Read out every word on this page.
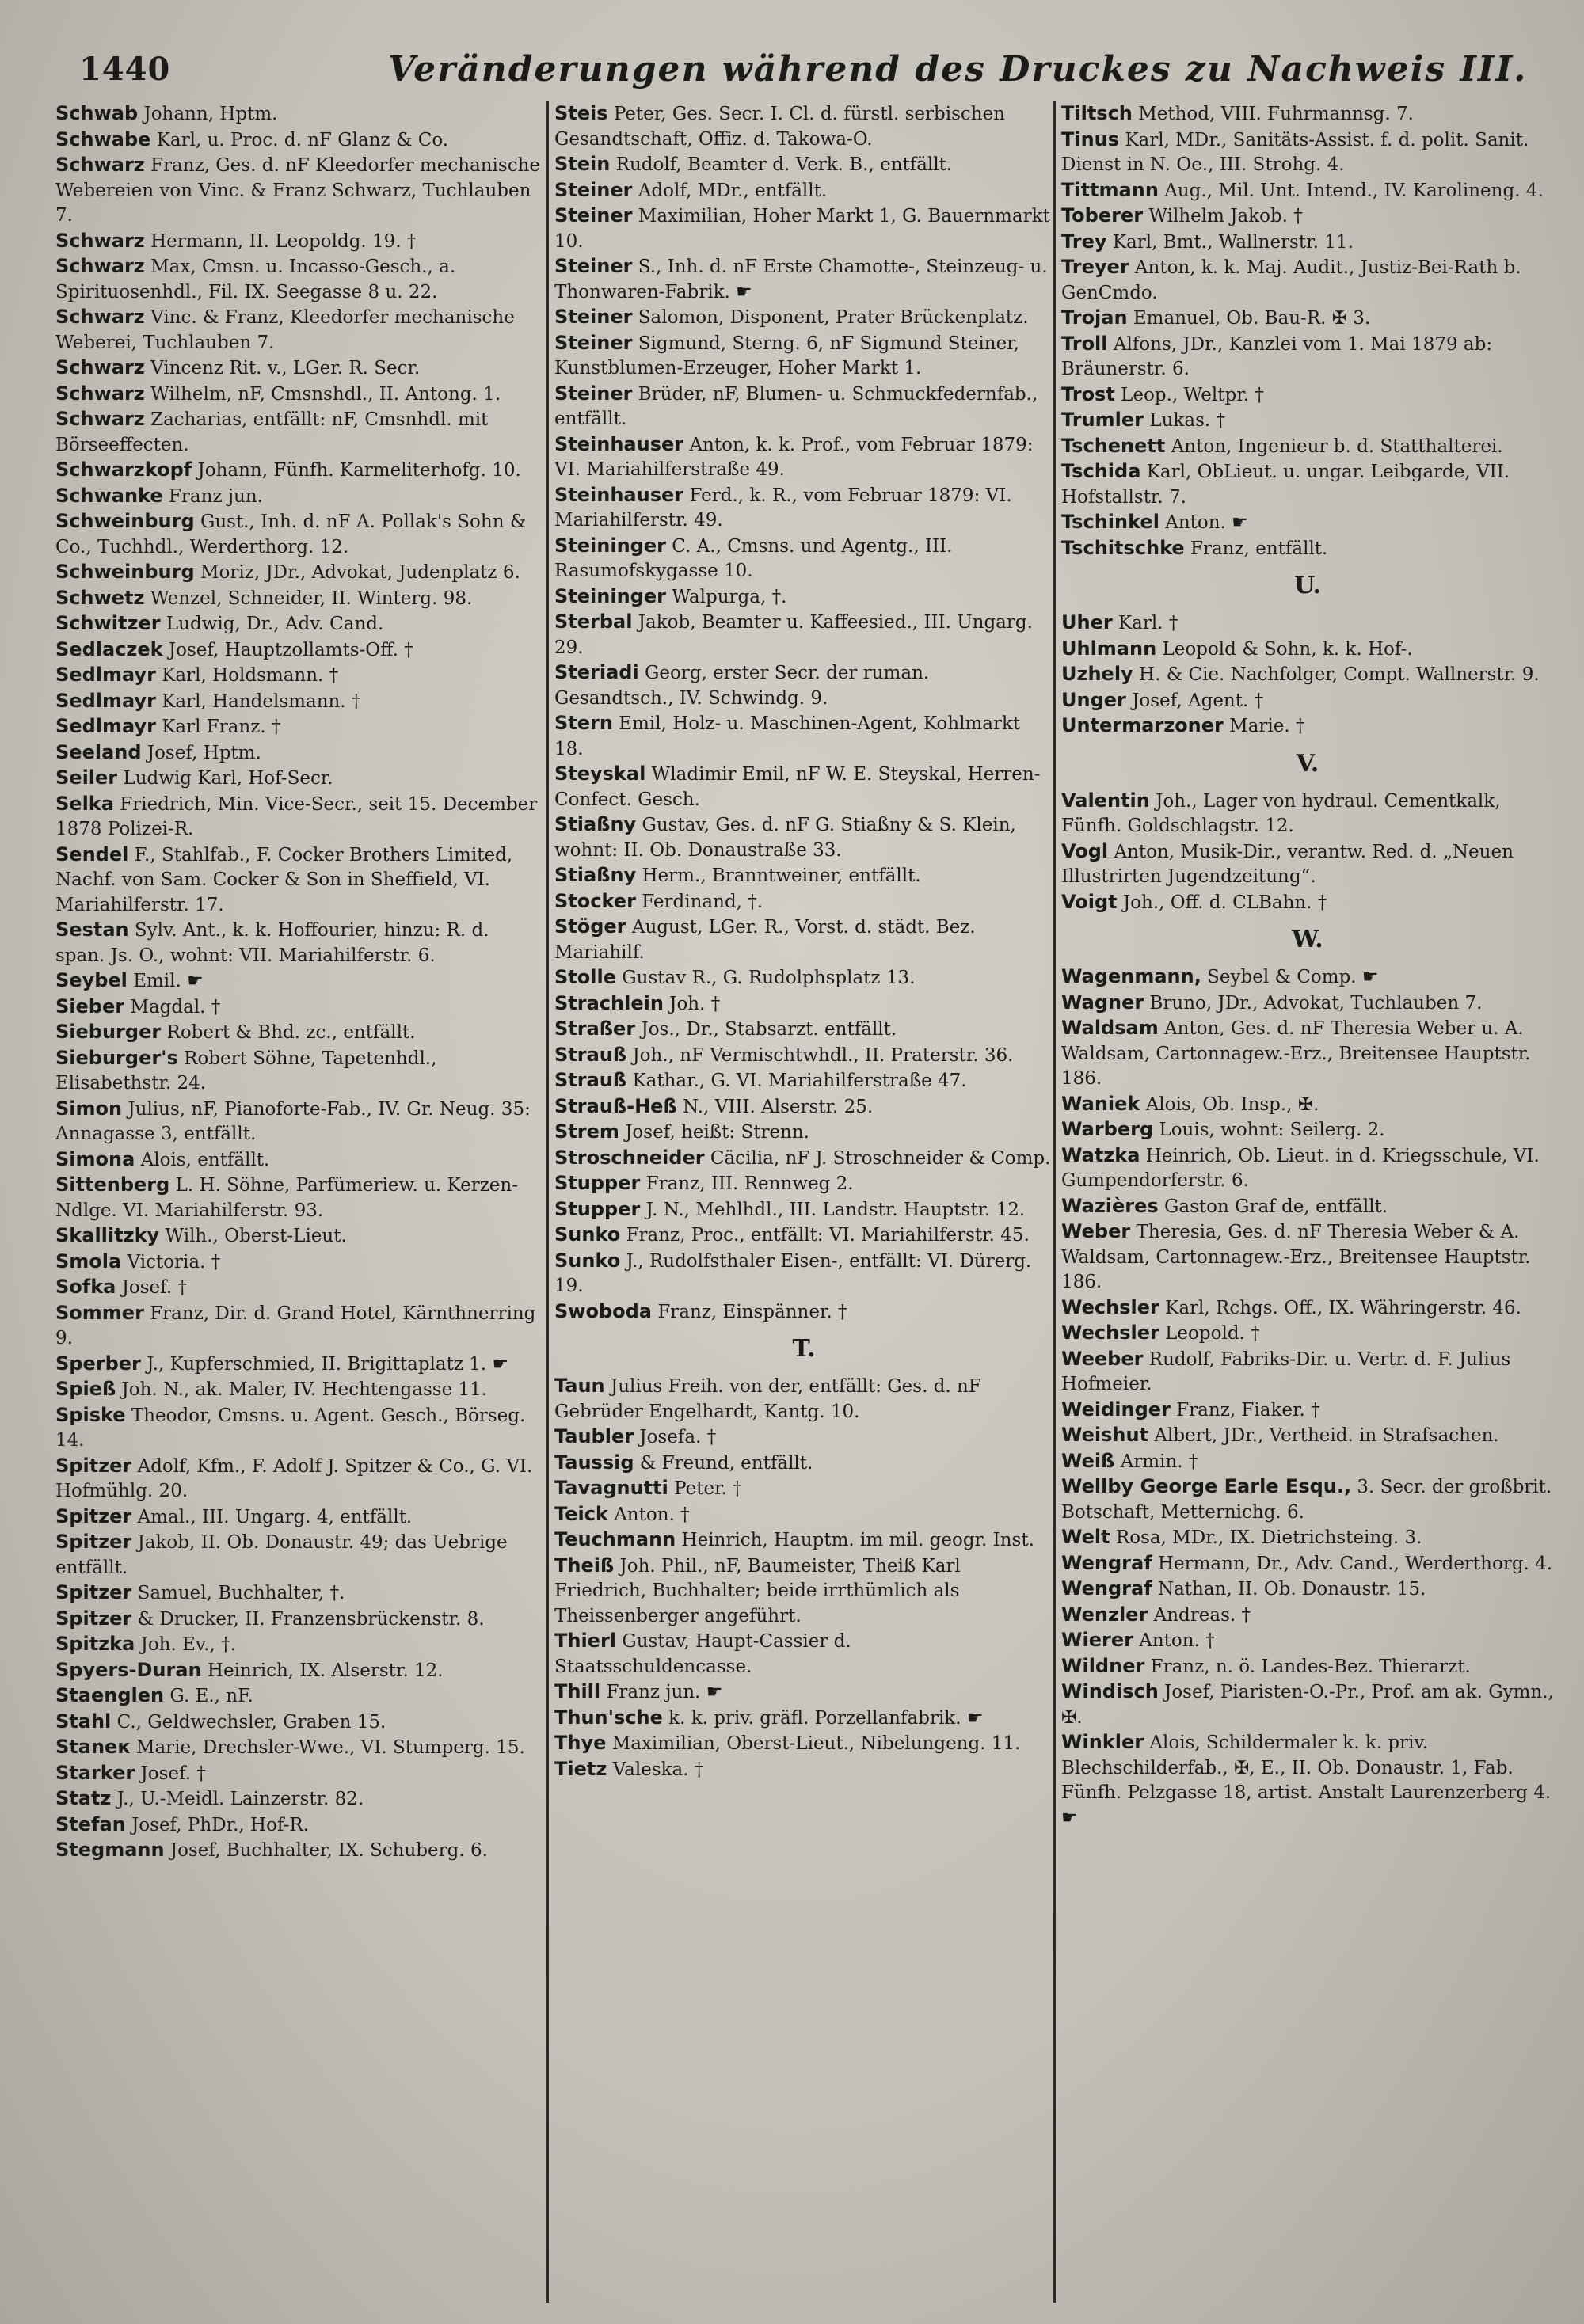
1440	Veränderungen während des Druckes zu Nachweis III.

Schwab Johann, Hptm.

Schwabe Karl, u. Proc. d. nF Glanz & Co.

Schwarz Franz, Ges. d. nF Kleedorfer mechanische Webereien von Vinc. & Franz Schwarz, Tuchlauben 7.

Schwarz Hermann, II. Leopoldg. 19. †

Schwarz Max, Cmsn. u. Incasso-Gesch., a. Spirituosenhdl., Fil. IX. Seegasse 8 u. 22.

Schwarz Vinc. & Franz, Kleedorfer mechanische Weberei, Tuchlauben 7.

Schwarz Vincenz Rit. v., LGer. R. Secr.

Schwarz Wilhelm, nF, Cmsnshdl., II. Antong. 1.

Schwarz Zacharias, entfällt: nF, Cmsnhdl. mit Börseeffecten.

Schwarzkopf Johann, Fünfh. Karmeliterhofg. 10.

Schwanke Franz jun.

Schweinburg Gust., Inh. d. nF A. Pollak's Sohn & Co., Tuchhdl., Werderthorg. 12.

Schweinburg Moriz, JDr., Advokat, Judenplatz 6.

Schwetz Wenzel, Schneider, II. Winterg. 98.

Schwitzer Ludwig, Dr., Adv. Cand.

Sedlaczek Josef, Hauptzollamts-Off. †

Sedlmayr Karl, Holdsmann. †

Sedlmayr Karl, Handelsmann. †

Sedlmayr Karl Franz. †

Seeland Josef, Hptm.

Seiler Ludwig Karl, Hof-Secr.

Selka Friedrich, Min. Vice-Secr., seit 15. December 1878 Polizei-R.

Sendel F., Stahlfab., F. Cocker Brothers Limited, Nachf. von Sam. Cocker & Son in Sheffield, VI. Mariahilferstr. 17.

Sestan Sylv. Ant., k. k. Hoffourier, hinzu: R. d. span. Js. O., wohnt: VII. Mariahilferstr. 6.

Seybel Emil. ☛

Sieber Magdal. †

Sieburger Robert & Bhd. zc., entfällt.

Sieburger's Robert Söhne, Tapetenhdl., Elisabethstr. 24.

Simon Julius, nF, Pianoforte-Fab., IV. Gr. Neug. 35: Annagasse 3, entfällt.

Simona Alois, entfällt.

Sittenberg L. H. Söhne, Parfümeriew. u. Kerzen-Ndlge. VI. Mariahilferstr. 93.

Skallitzky Wilh., Oberst-Lieut.

Smola Victoria. †

Sofka Josef. †

Sommer Franz, Dir. d. Grand Hotel, Kärnthnerring 9.

Sperber J., Kupferschmied, II. Brigittaplatz 1. ☛

Spieß Joh. N., ak. Maler, IV. Hechtengasse 11.

Spiske Theodor, Cmsns. u. Agent. Gesch., Börseg. 14.

Spitzer Adolf, Kfm., F. Adolf J. Spitzer & Co., G. VI. Hofmühlg. 20.

Spitzer Amal., III. Ungarg. 4, entfällt.

Spitzer Jakob, II. Ob. Donaustr. 49; das Uebrige entfällt.

Spitzer Samuel, Buchhalter, †.

Spitzer & Drucker, II. Franzensbrückenstr. 8.

Spitzka Joh. Ev., †.

Spyers-Duran Heinrich, IX. Alserstr. 12.

Staenglen G. E., nF.

Stahl C., Geldwechsler, Graben 15.

Staneк Marie, Drechsler-Wwe., VI. Stumperg. 15.

Starker Josef. †

Statz J., U.-Meidl. Lainzerstr. 82.

Stefan Josef, PhDr., Hof-R.

Stegmann Josef, Buchhalter, IX. Schuberg. 6.

Steis Peter, Ges. Secr. I. Cl. d. fürstl. serbischen Gesandtschaft, Offiz. d. Takowa-O.

Stein Rudolf, Beamter d. Verk. B., entfällt.

Steiner Adolf, MDr., entfällt.

Steiner Maximilian, Hoher Markt 1, G. Bauernmarkt 10.

Steiner S., Inh. d. nF Erste Chamotte-, Steinzeug- u. Thonwaren-Fabrik. ☛

Steiner Salomon, Disponent, Prater Brückenplatz.

Steiner Sigmund, Sterng. 6, nF Sigmund Steiner, Kunstblumen-Erzeuger, Hoher Markt 1.

Steiner Brüder, nF, Blumen- u. Schmuckfedernfab., entfällt.

Steinhauser Anton, k. k. Prof., vom Februar 1879: VI. Mariahilferstraße 49.

Steinhauser Ferd., k. R., vom Februar 1879: VI. Mariahilferstr. 49.

Steininger C. A., Cmsns. und Agentg., III. Rasumofskygasse 10.

Steininger Walpurga, †.

Sterbal Jakob, Beamter u. Kaffeesied., III. Ungarg. 29.

Steriadi Georg, erster Secr. der ruman. Gesandtsch., IV. Schwindg. 9.

Stern Emil, Holz- u. Maschinen-Agent, Kohlmarkt 18.

Steyskal Wladimir Emil, nF W. E. Steyskal, Herren-Confect. Gesch.

Stiaßny Gustav, Ges. d. nF G. Stiaßny & S. Klein, wohnt: II. Ob. Donaustraße 33.

Stiaßny Herm., Branntweiner, entfällt.

Stocker Ferdinand, †.

Stöger August, LGer. R., Vorst. d. städt. Bez. Mariahilf.

Stolle Gustav R., G. Rudolphsplatz 13.

Strachlein Joh. †

Straßer Jos., Dr., Stabsarzt. entfällt.

Strauß Joh., nF Vermischtwhdl., II. Praterstr. 36.

Strauß Kathar., G. VI. Mariahilferstraße 47.

Strauß-Heß N., VIII. Alserstr. 25.

Strem Josef, heißt: Strenn.

Stroschneider Cäcilia, nF J. Stroschneider & Comp.

Stupper Franz, III. Rennweg 2.

Stupper J. N., Mehlhdl., III. Landstr. Hauptstr. 12.

Sunko Franz, Proc., entfällt: VI. Mariahilferstr. 45.

Sunko J., Rudolfsthaler Eisen-, entfällt: VI. Dürerg. 19.

Swoboda Franz, Einspänner. †

T.

Taun Julius Freih. von der, entfällt: Ges. d. nF Gebrüder Engelhardt, Kantg. 10.

Taubler Josefa. †

Taussig & Freund, entfällt.

Tavagnutti Peter. †

Teick Anton. †

Teuchmann Heinrich, Hauptm. im mil. geogr. Inst.

Theiß Joh. Phil., nF, Baumeister, Theiß Karl Friedrich, Buchhalter; beide irrthümlich als Theissenberger angeführt.

Thierl Gustav, Haupt-Cassier d. Staatsschuldencasse.

Thill Franz jun. ☛

Thun'sche k. k. priv. gräfl. Porzellanfabrik. ☛

Thye Maximilian, Oberst-Lieut., Nibelungeng. 11.

Tietz Valeska. †

Tiltsch Method, VIII. Fuhrmannsg. 7.

Tinus Karl, MDr., Sanitäts-Assist. f. d. polit. Sanit. Dienst in N. Oe., III. Strohg. 4.

Tittmann Aug., Mil. Unt. Intend., IV. Karolineng. 4.

Toberer Wilhelm Jakob. †

Trey Karl, Bmt., Wallnerstr. 11.

Treyer Anton, k. k. Maj. Audit., Justiz-Bei-Rath b. GenCmdo.

Trojan Emanuel, Ob. Bau-R. ✠ 3.

Troll Alfons, JDr., Kanzlei vom 1. Mai 1879 ab: Bräunerstr. 6.

Trost Leop., Weltpr. †

Trumler Lukas. †

Tschenett Anton, Ingenieur b. d. Statthalterei.

Tschida Karl, ObLieut. u. ungar. Leibgarde, VII. Hofstallstr. 7.

Tschinkel Anton. ☛

Tschitschke Franz, entfällt.

U.

Uher Karl. †

Uhlmann Leopold & Sohn, k. k. Hof-.

Uzhely H. & Cie. Nachfolger, Compt. Wallnerstr. 9.

Unger Josef, Agent. †

Untermarzoner Marie. †

V.

Valentin Joh., Lager von hydraul. Cementkalk, Fünfh. Goldschlagstr. 12.

Vogl Anton, Musik-Dir., verantw. Red. d. „Neuen Illustrirten Jugendzeitung“.

Voigt Joh., Off. d. CLBahn. †

W.

Wagenmann, Seybel & Comp. ☛

Wagner Bruno, JDr., Advokat, Tuchlauben 7.

Waldsam Anton, Ges. d. nF Theresia Weber u. A. Waldsam, Cartonnagew.-Erz., Breitensee Hauptstr. 186.

Waniek Alois, Ob. Insp., ✠.

Warberg Louis, wohnt: Seilerg. 2.

Watzka Heinrich, Ob. Lieut. in d. Kriegsschule, VI. Gumpendorferstr. 6.

Wazières Gaston Graf de, entfällt.

Weber Theresia, Ges. d. nF Theresia Weber & A. Waldsam, Cartonnagew.-Erz., Breitensee Hauptstr. 186.

Wechsler Karl, Rchgs. Off., IX. Währingerstr. 46.

Wechsler Leopold. †

Weeber Rudolf, Fabriks-Dir. u. Vertr. d. F. Julius Hofmeier.

Weidinger Franz, Fiaker. †

Weishut Albert, JDr., Vertheid. in Strafsachen.

Weiß Armin. †

Wellby George Earle Esqu., 3. Secr. der großbrit. Botschaft, Metternichg. 6.

Welt Rosa, MDr., IX. Dietrichsteing. 3.

Wengraf Hermann, Dr., Adv. Cand., Werderthorg. 4.

Wengraf Nathan, II. Ob. Donaustr. 15.

Wenzler Andreas. †

Wierer Anton. †

Wildner Franz, n. ö. Landes-Bez. Thierarzt.

Windisch Josef, Piaristen-O.-Pr., Prof. am ak. Gymn., ✠.

Winkler Alois, Schildermaler k. k. priv. Blechschilderfab., ✠, E., II. Ob. Donaustr. 1, Fab. Fünfh. Pelzgasse 18, artist. Anstalt Laurenzerberg 4. ☛
